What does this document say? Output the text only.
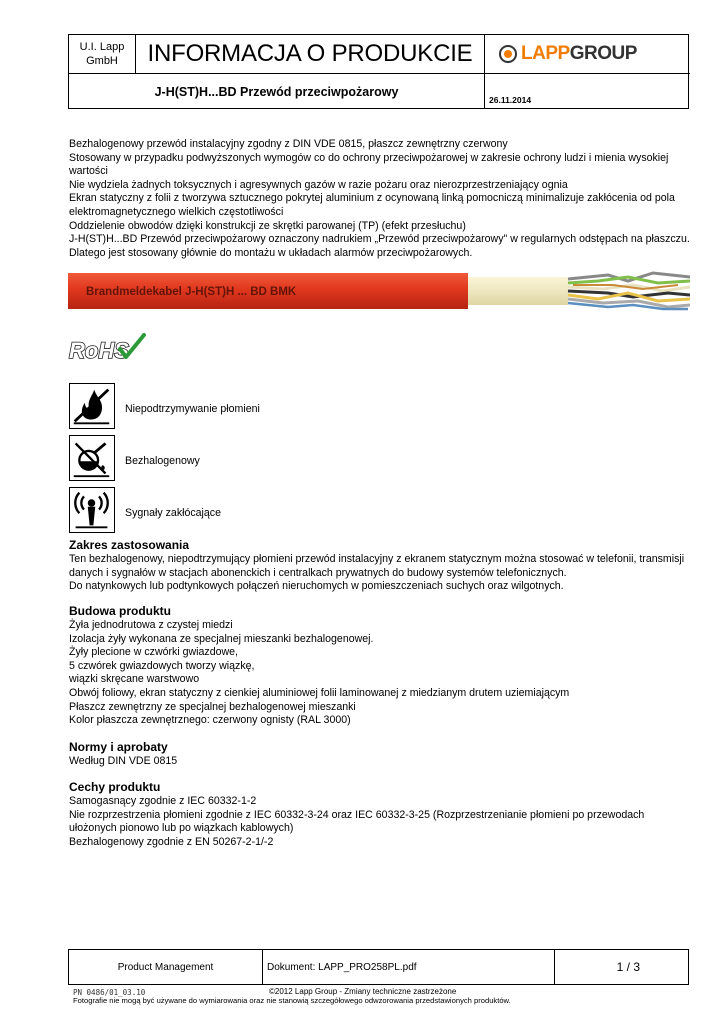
U.I. Lapp
GmbH	INFORMACJA O PRODUKCIE	LAPPGROUP
J-H(ST)H...BD Przewód przeciwpożarowy
26.11.2014

Bezhalogenowy przewód instalacyjny zgodny z DIN VDE 0815, płaszcz zewnętrzny czerwony

Stosowany w przypadku podwyższonych wymogów co do ochrony przeciwpożarowej w zakresie ochrony ludzi i mienia wysokiej wartości

Nie wydziela żadnych toksycznych i agresywnych gazów w razie pożaru oraz nierozprzestrzeniający ognia

Ekran statyczny z folii z tworzywa sztucznego pokrytej aluminium z ocynowaną linką pomocniczą minimalizuje zakłócenia od pola elektromagnetycznego wielkich częstotliwości

Oddzielenie obwodów dzięki konstrukcji ze skrętki parowanej (TP) (efekt przesłuchu)

J-H(ST)H...BD Przewód przeciwpożarowy oznaczony nadrukiem „Przewód przeciwpożarowy" w regularnych odstępach na płaszczu. Dlatego jest stosowany głównie do montażu w układach alarmów przeciwpożarowych.

Brandmeldekabel J-H(ST)H ... BD BMK
RoHS
Niepodtrzymywanie płomieni
Bezhalogenowy
Sygnały zakłócające
Zakres zastosowania

Ten bezhalogenowy, niepodtrzymujący płomieni przewód instalacyjny z ekranem statycznym można stosować w telefonii, transmisji danych i sygnałów w stacjach abonenckich i centralkach prywatnych do budowy systemów telefonicznych.

Do natynkowych lub podtynkowych połączeń nieruchomych w pomieszczeniach suchych oraz wilgotnych.

Budowa produktu

Żyła jednodrutowa z czystej miedzi

Izolacja żyły wykonana ze specjalnej mieszanki bezhalogenowej.

Żyły plecione w czwórki gwiazdowe,

5 czwórek gwiazdowych tworzy wiązkę,

wiązki skręcane warstwowo

Obwój foliowy, ekran statyczny z cienkiej aluminiowej folii laminowanej z miedzianym drutem uziemiającym

Płaszcz zewnętrzny ze specjalnej bezhalogenowej mieszanki

Kolor płaszcza zewnętrznego: czerwony ognisty (RAL 3000)

Normy i aprobaty

Według DIN VDE 0815

Cechy produktu

Samogasnący zgodnie z IEC 60332-1-2

Nie rozprzestrzenia płomieni zgodnie z IEC 60332-3-24 oraz IEC 60332-3-25 (Rozprzestrzenianie płomieni po przewodach ułożonych pionowo lub po wiązkach kablowych)

Bezhalogenowy zgodnie z EN 50267-2-1/-2

Product Management	Dokument: LAPP_PRO258PL.pdf	1 / 3
PN 0486/01_03.10	©2012 Lapp Group - Zmiany techniczne zastrzeżone
Fotografie nie mogą być używane do wymiarowania oraz nie stanowią szczegółowego odwzorowania przedstawionych produktów.
